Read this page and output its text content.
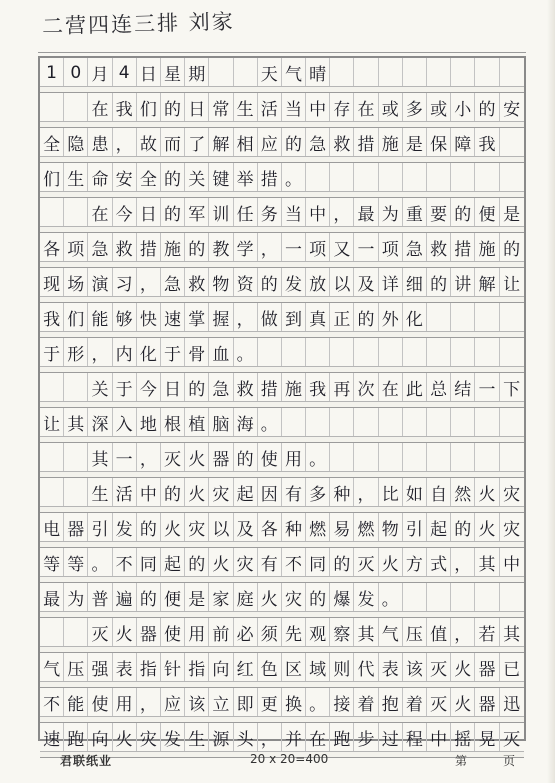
二营四连三排 刘家
1 0 月 4 日 星 期	天 气 晴
在 我 们 的 日 常 生 活 当 中 存 在 或 多 或 小 的 安
全 隐 患 ， 故 而 了 解 相 应 的 急 救 措 施 是 保 障 我
们 生 命 安 全 的 关 键 举 措 。
在 今 日 的 军 训 任 务 当 中 ， 最 为 重 要 的 便 是
各 项 急 救 措 施 的 教 学 ， 一 项 又 一 项 急 救 措 施 的
现 场 演 习 ， 急 救 物 资 的 发 放 以 及 详 细 的 讲 解 让
我 们 能 够 快 速 掌 握 ， 做 到 真 正 的 外 化
于 形 ， 内 化 于 骨 血 。
关 于 今 日 的 急 救 措 施 我 再 次 在 此 总 结 一 下
让 其 深 入 地 根 植 脑 海 。
其 一 ， 灭 火 器 的 使 用 。
生 活 中 的 火 灾 起 因 有 多 种 ， 比 如 自 然 火 灾
电 器 引 发 的 火 灾 以 及 各 种 燃 易 燃 物 引 起 的 火 灾
等 等 。 不 同 起 的 火 灾 有 不 同 的 灭 火 方 式 ， 其 中
最 为 普 遍 的 便 是 家 庭 火 灾 的 爆 发 。
灭 火 器 使 用 前 必 须 先 观 察 其 气 压 值 ， 若 其
气 压 强 表 指 针 指 向 红 色 区 域 则 代 表 该 灭 火 器 已
不 能 使 用 ， 应 该 立 即 更 换 。 接 着 抱 着 灭 火 器 迅
速 跑 向 火 灾 发 生 源 头 ， 并 在 跑 步 过 程 中 摇 晃 灭
君联纸业	20 x 20=400	第	页
